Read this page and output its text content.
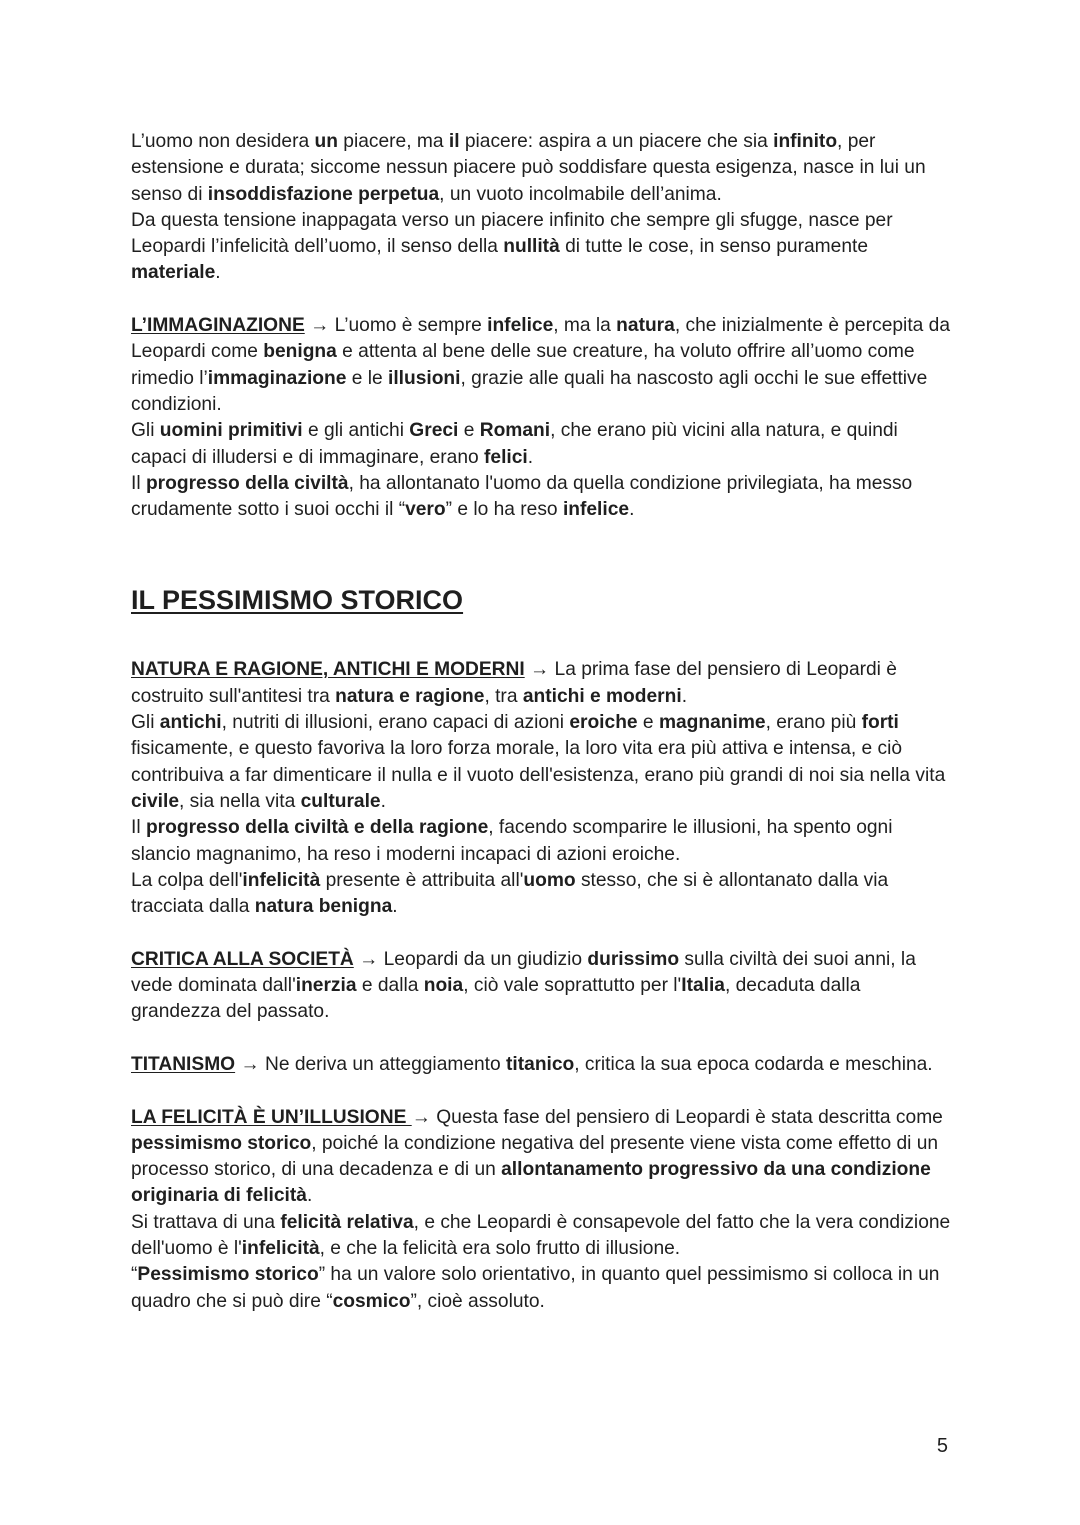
L’uomo non desidera un piacere, ma il piacere: aspira a un piacere che sia infinito, per estensione e durata; siccome nessun piacere può soddisfare questa esigenza, nasce in lui un senso di insoddisfazione perpetua, un vuoto incolmabile dell’anima.

Da questa tensione inappagata verso un piacere infinito che sempre gli sfugge, nasce per Leopardi l’infelicità dell’uomo, il senso della nullità di tutte le cose, in senso puramente materiale.

L’IMMAGINAZIONE → L’uomo è sempre infelice, ma la natura, che inizialmente è percepita da Leopardi come benigna e attenta al bene delle sue creature, ha voluto offrire all’uomo come rimedio l’immaginazione e le illusioni, grazie alle quali ha nascosto agli occhi le sue effettive condizioni.

Gli uomini primitivi e gli antichi Greci e Romani, che erano più vicini alla natura, e quindi capaci di illudersi e di immaginare, erano felici.

Il progresso della civiltà, ha allontanato l'uomo da quella condizione privilegiata, ha messo crudamente sotto i suoi occhi il “vero” e lo ha reso infelice.

IL PESSIMISMO STORICO

NATURA E RAGIONE, ANTICHI E MODERNI → La prima fase del pensiero di Leopardi è costruito sull'antitesi tra natura e ragione, tra antichi e moderni.

Gli antichi, nutriti di illusioni, erano capaci di azioni eroiche e magnanime, erano più forti fisicamente, e questo favoriva la loro forza morale, la loro vita era più attiva e intensa, e ciò contribuiva a far dimenticare il nulla e il vuoto dell'esistenza, erano più grandi di noi sia nella vita civile, sia nella vita culturale.

Il progresso della civiltà e della ragione, facendo scomparire le illusioni, ha spento ogni slancio magnanimo, ha reso i moderni incapaci di azioni eroiche.

La colpa dell'infelicità presente è attribuita all'uomo stesso, che si è allontanato dalla via tracciata dalla natura benigna.

CRITICA ALLA SOCIETÀ → Leopardi da un giudizio durissimo sulla civiltà dei suoi anni, la vede dominata dall'inerzia e dalla noia, ciò vale soprattutto per l'Italia, decaduta dalla grandezza del passato.

TITANISMO → Ne deriva un atteggiamento titanico, critica la sua epoca codarda e meschina.

LA FELICITÀ È UN’ILLUSIONE → Questa fase del pensiero di Leopardi è stata descritta come pessimismo storico, poiché la condizione negativa del presente viene vista come effetto di un processo storico, di una decadenza e di un allontanamento progressivo da una condizione originaria di felicità.

Si trattava di una felicità relativa, e che Leopardi è consapevole del fatto che la vera condizione dell'uomo è l'infelicità, e che la felicità era solo frutto di illusione.

“Pessimismo storico” ha un valore solo orientativo, in quanto quel pessimismo si colloca in un quadro che si può dire “cosmico”, cioè assoluto.

5
